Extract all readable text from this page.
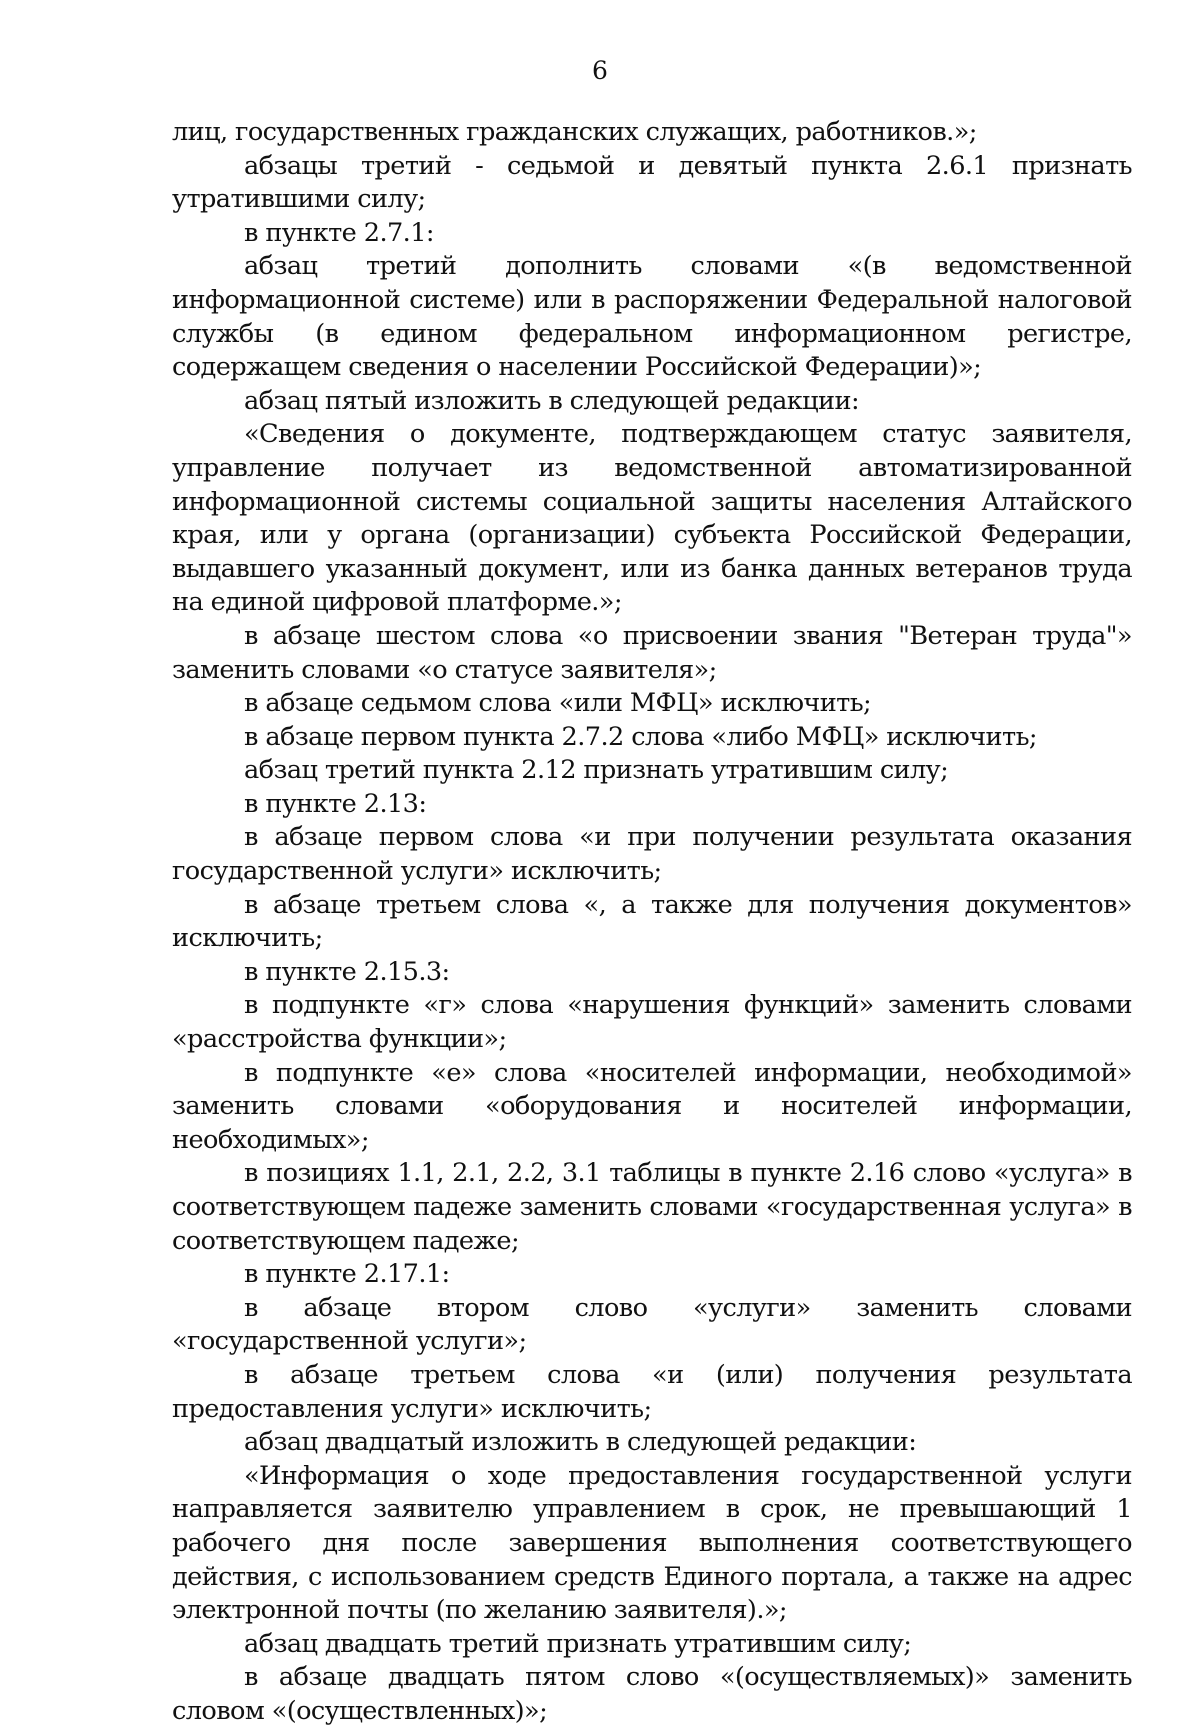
6

лиц, государственных гражданских служащих, работников.»;

абзацы третий - седьмой и девятый пункта 2.6.1 признать утратившими силу;

в пункте 2.7.1:

абзац третий дополнить словами «(в ведомственной информационной системе) или в распоряжении Федеральной налоговой службы (в едином федеральном информационном регистре, содержащем сведения о населении Российской Федерации)»;

абзац пятый изложить в следующей редакции:

«Сведения о документе, подтверждающем статус заявителя, управление получает из ведомственной автоматизированной информационной системы социальной защиты населения Алтайского края, или у органа (организации) субъекта Российской Федерации, выдавшего указанный документ, или из банка данных ветеранов труда на единой цифровой платформе.»;

в абзаце шестом слова «о присвоении звания "Ветеран труда"» заменить словами «о статусе заявителя»;

в абзаце седьмом слова «или МФЦ» исключить;

в абзаце первом пункта 2.7.2 слова «либо МФЦ» исключить;

абзац третий пункта 2.12 признать утратившим силу;

в пункте 2.13:

в абзаце первом слова «и при получении результата оказания государственной услуги» исключить;

в абзаце третьем слова «, а также для получения документов» исключить;

в пункте 2.15.3:

в подпункте «г» слова «нарушения функций» заменить словами «расстройства функции»;

в подпункте «е» слова «носителей информации, необходимой» заменить словами «оборудования и носителей информации, необходимых»;

в позициях 1.1, 2.1, 2.2, 3.1 таблицы в пункте 2.16 слово «услуга» в соответствующем падеже заменить словами «государственная услуга» в соответствующем падеже;

в пункте 2.17.1:

в абзаце втором слово «услуги» заменить словами «государственной услуги»;

в абзаце третьем слова «и (или) получения результата предоставления услуги» исключить;

абзац двадцатый изложить в следующей редакции:

«Информация о ходе предоставления государственной услуги направляется заявителю управлением в срок, не превышающий 1 рабочего дня после завершения выполнения соответствующего действия, с использованием средств Единого портала, а также на адрес электронной почты (по желанию заявителя).»;

абзац двадцать третий признать утратившим силу;

в абзаце двадцать пятом слово «(осуществляемых)» заменить словом «(осуществленных)»;
